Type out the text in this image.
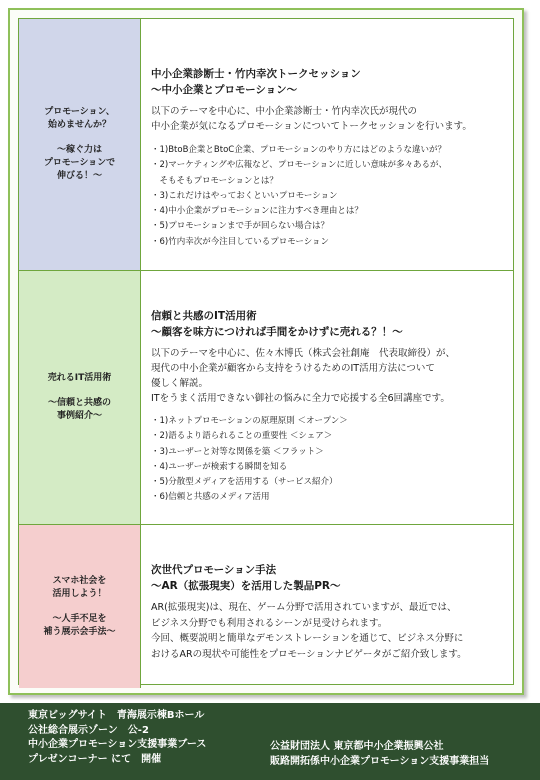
プロモーション、
始めませんか？
～稼ぐ力は
プロモーションで
伸びる！～
中小企業診断士・竹内幸次トークセッション
～中小企業とプロモーション～
以下のテーマを中心に、中小企業診断士・竹内幸次氏が現代の
中小企業が気になるプロモーションについてトークセッションを行います。
・1)BtoB企業とBtoC企業、プロモーションのやり方にはどのような違いが？
・2)マーケティングや広報など、プロモーションに近しい意味が多々あるが、
　そもそもプロモーションとは？
・3)これだけはやっておくといいプロモーション
・4)中小企業がプロモーションに注力すべき理由とは？
・5)プロモーションまで手が回らない場合は？
・6)竹内幸次が今注目しているプロモーション
売れるIT活用術
～信頼と共感の
事例紹介～
信頼と共感のIT活用術
～顧客を味方につければ手間をかけずに売れる？！～
以下のテーマを中心に、佐々木博氏（株式会社創庵　代表取締役）が、
現代の中小企業が顧客から支持をうけるためのIT活用方法について
優しく解説。
ITをうまく活用できない御社の悩みに全力で応援する全6回講座です。
・1)ネットプロモーションの原理原則 ＜オープン＞
・2)語るより語られることの重要性 ＜シェア＞
・3)ユーザーと対等な関係を築 ＜フラット＞
・4)ユーザーが検索する瞬間を知る
・5)分散型メディアを活用する（サービス紹介）
・6)信頼と共感のメディア活用
スマホ社会を
活用しよう！
～人手不足を
補う展示会手法～
次世代プロモーション手法
～AR（拡張現実）を活用した製品PR～
AR(拡張現実)は、現在、ゲーム分野で活用されていますが、最近では、
ビジネス分野でも利用されるシーンが見受けられます。
今回、概要説明と簡単なデモンストレーションを通じて、ビジネス分野に
おけるARの現状や可能性をプロモーションナビゲータがご紹介致します。
東京ビッグサイト　青海展示棟Bホール
公社総合展示ゾーン　公-2
中小企業プロモーション支援事業ブース
プレゼンコーナー にて　開催
公益財団法人 東京都中小企業振興公社
販路開拓係中小企業プロモーション支援事業担当
